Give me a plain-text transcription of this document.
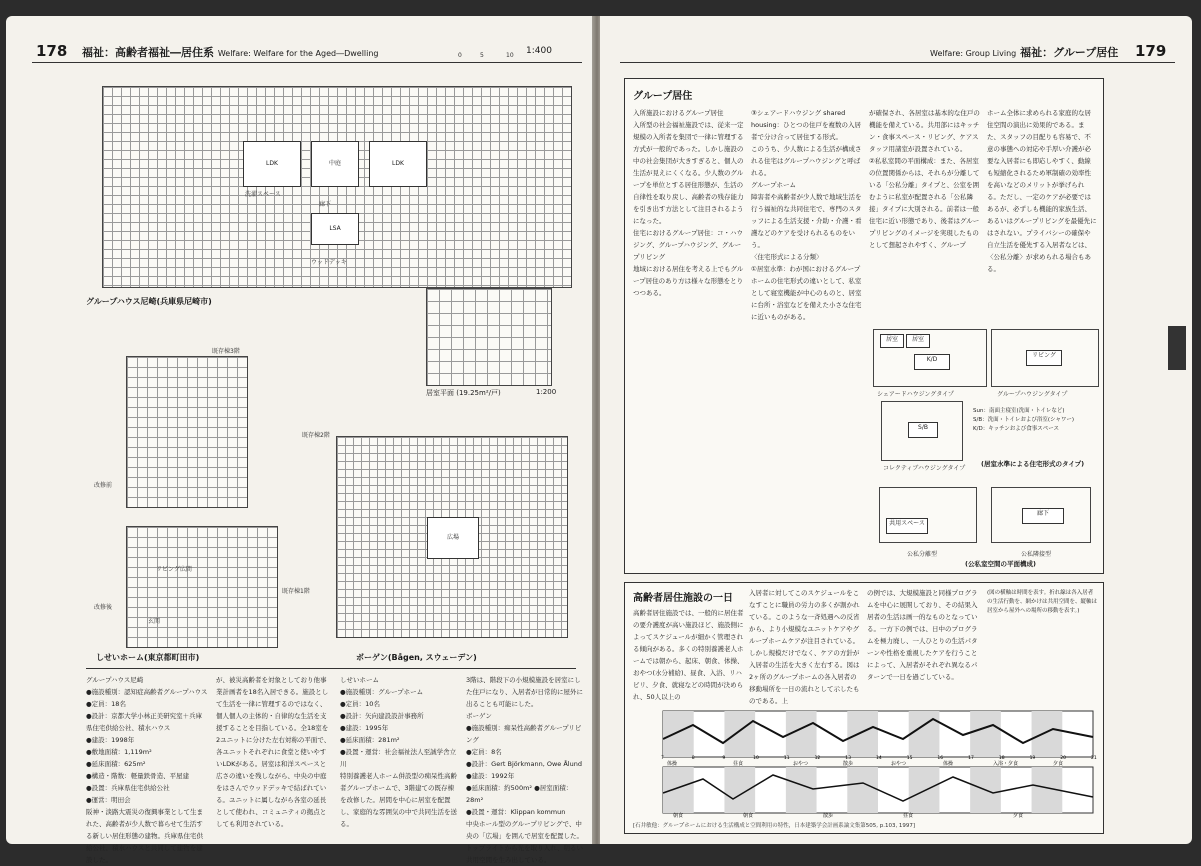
178 福祉：高齢者福祉―居住系 Welfare: Welfare for the Aged―Dwelling	0	5	10 1:400
LDK	中庭	LDK
洗濯スペース
廊下
LSA
ウッドデッキ
グループハウス尼崎(兵庫県尼崎市)
居室平面 (19.25m²/戸)	1:200
改修前
改修後
玄関
リビング広間
既存棟3階
既存棟2階
既存棟1階
しせいホーム(東京都町田市)
広場
ボーゲン(Bågen, スウェーデン)
グループハウス尼崎
●施設種別：認知症高齢者グループハウス
●定員：18名
●設計：京都大学小林正美研究室＋兵庫県住宅供給公社、積水ハウス
●建設：1998年
●敷地面積：1,119m²
●延床面積：625m²
●構造・階数：軽量鉄骨造、平屋建
●設置：兵庫県住宅供給公社
●運営：明田会
阪神・淡路大震災の復興事業として生まれた、高齢者が少人数で暮らせて生活する新しい居住形態の建物。兵庫県住宅供給公社、積水ハウスと共同して建物を建設した。
が、被災高齢者を対象としており他事業計画者を18名入居できる。施設として生活を一律に管理するのではなく、個人個人の主体的・自律的な生活を支援することを目指している。全18室を2ユニットに分けた左右対称の平面で、各ユニットそれぞれに食堂と使いやすいLDKがある。居室は和洋スペースと広さの違いを残しながら、中央の中庭をはさんでウッドデッキで結ばれている。ユニットに属しながら各室の延長として使われ、コミュニティの拠点としても利用されている。
しせいホーム
●施設種別：グループホーム
●定員：10名
●設計：矢向建設設計事務所
●建設：1995年
●延床面積：281m²
●設置・運営：社会福祉法人至誠学舎立川
特別養護老人ホーム併設型の痴呆性高齢者グループホームで、3階建ての既存棟を改修した。居間を中心に居室を配置し、家庭的な雰囲気の中で共同生活を送る。
3階は、階段下の小規模施設を居室にした住戸になり、入居者が日常的に屋外に出ることも可能にした。
ボーゲン
●施設種別：痴呆性高齢者グループリビング
●定員：8名
●設計：Gert Björkmann, Owe Ålund
●建設：1992年
●延床面積：約500m² ●居室面積：28m²
●設置・運営：Klippan kommun
中央ホール型のグループリビングで、中央の「広場」を囲んで居室を配置した。トップライトから光を取り入れ、明るい共用空間を生み出している。
Welfare: Group Living 福祉：グループ居住 179
グループ居住
入所施設におけるグループ居住
入所型の社会福祉施設では、従来一定規模の入所者を集団で一律に管理する方式が一般的であった。しかし施設の中の社会集団が大きすぎると、個人の生活が見えにくくなる。少人数のグループを単位とする居住形態が、生活の自律性を取り戻し、高齢者の残存能力を引き出す方法として注目されるようになった。
住宅におけるグループ居住：コ・ハウジング、グループハウジング、グループリビング
地域における居住を考える上でもグループ居住のあり方は様々な形態をとりつつある。
③シェアードハウジング shared housing：ひとつの住戸を複数の入居者で分け合って居住する形式。
このうち、少人数による生活が構成される住宅はグループハウジングと呼ばれる。
グループホーム
障害者や高齢者が少人数で地域生活を行う福祉的な共同住宅で、専門のスタッフによる生活支援・介助・介護・看護などのケアを受けられるものをいう。
〈住宅形式による分類〉
①居室水準：わが国におけるグループホームの住宅形式の違いとして、私室として寝室機能が中心のものと、居室に台所・浴室などを備えた小さな住宅に近いものがある。
が確保され、各居室は基本的な住戸の機能を備えている。共用部にはキッチン・食事スペース・リビング、ケアスタッフ用諸室が設置されている。
②私私室間の平面構成：また、各居室の位置関係からは、それらが分離している「公私分離」タイプと、公室を囲むように私室が配置される「公私隣接」タイプに大別される。前者は一般住宅に近い形態であり、後者はグループリビングのイメージを実現したものとして想起されやすく、グループ
ホーム全体に求められる家庭的な居住空間の演出に効果的である。また、スタッフの目配りも容易で、不意の事態への対応や手厚い介護が必要な入居者にも即応しやすく、動線も短縮化されるため軍制確の効率性を高いなどのメリットが挙げられる。ただし、一定のケアが必要ではあるが、必ずしも機能的家族生活、あるいはグループリビングを最優先にはされない。プライバシーの確保や自立生活を優先する入居者などは、〈公私分離〉が求められる場合もある。
居室	居室
K/D
シェアードハウジングタイプ
リビング
グループハウジングタイプ
S/B
コレクティブハウジングタイプ
Sun：南面主寝室(洗面・トイレなど)
S/B：洗面・トイレおよび浴室(シャワー)
K/D：キッチンおよび食事スペース
(居室水準による住宅形式のタイプ)
共用スペース
公私分離型
廊下
公私隣接型
(公私室空間の平面構成)
高齢者居住施設の一日
高齢者居住施設では、一般的に居住者の要介護度が高い施設ほど、施設側によってスケジュールが細かく管理される傾向がある。多くの特別養護老人ホームでは朝から、起床、朝食、体操、おやつ(水分補給)、昼食、入浴、リハビリ、夕食、就寝などの時間が決められ、50人以上の
入居者に対してこのスケジュールをこなすことに職員の労力の多くが割かれている。このような一斉処遇への反省から、より小規模なユニットケアやグループホームケアが注目されている。しかし規模だけでなく、ケアの方針が入居者の生活を大きく左右する。図は2ヶ所のグループホームの各入居者の移動場所を一日の流れとして示したものである。上
の例では、大規模施設と同様プログラムを中心に展開しており、その結果入居者の生活は画一的なものとなっている。一方下の例では、日中のプログラムを極力廃し、一人ひとりの生活パターンや性格を重視したケアを行うことによって、入居者がそれぞれ異なるパターンで一日を過ごしている。
(図の横軸は時間を表す。折れ線は各入居者の生活行動を、網かけは共用空間を、縦軸は居室から屋外への場所の移動を表す。)
7	8	9	10	11	12	13	14	15	16	17	18	19	20	21
体操	昼食	おやつ	散歩	おやつ	体操	入浴・夕食	夕食
朝食	朝食	散歩	昼食	夕食
[石井敏他：グループホームにおける生活構成と空間利用の特性，日本建築学会計画系論文集第505, p.103, 1997]
